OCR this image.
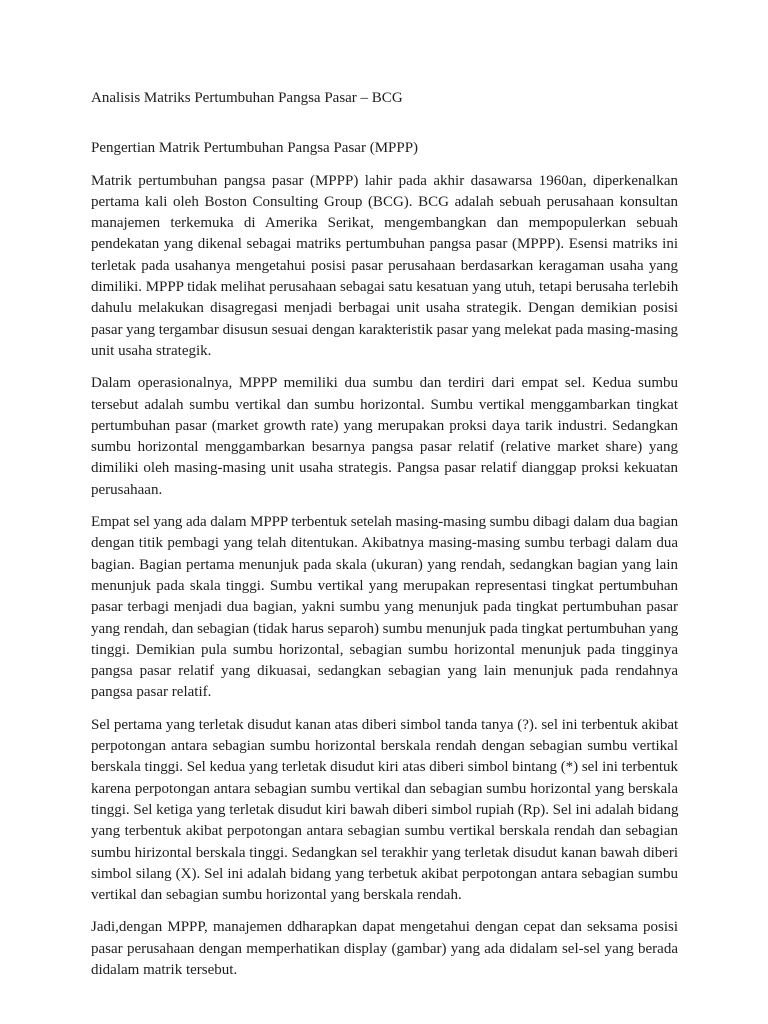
Analisis Matriks Pertumbuhan Pangsa Pasar – BCG

Pengertian Matrik Pertumbuhan Pangsa Pasar (MPPP)

Matrik pertumbuhan pangsa pasar (MPPP) lahir pada akhir dasawarsa 1960an, diperkenalkan
pertama kali oleh Boston Consulting Group (BCG). BCG adalah sebuah perusahaan konsultan
manajemen terkemuka di Amerika Serikat, mengembangkan dan mempopulerkan sebuah
pendekatan yang dikenal sebagai matriks pertumbuhan pangsa pasar (MPPP). Esensi matriks ini
terletak pada usahanya mengetahui posisi pasar perusahaan berdasarkan keragaman usaha yang
dimiliki. MPPP tidak melihat perusahaan sebagai satu kesatuan yang utuh, tetapi berusaha terlebih
dahulu melakukan disagregasi menjadi berbagai unit usaha strategik. Dengan demikian posisi
pasar yang tergambar disusun sesuai dengan karakteristik pasar yang melekat pada masing-masing
unit usaha strategik.
Dalam operasionalnya, MPPP memiliki dua sumbu dan terdiri dari empat sel. Kedua sumbu
tersebut adalah sumbu vertikal dan sumbu horizontal. Sumbu vertikal menggambarkan tingkat
pertumbuhan pasar (market growth rate) yang merupakan proksi daya tarik industri. Sedangkan
sumbu horizontal menggambarkan besarnya pangsa pasar relatif (relative market share) yang
dimiliki oleh masing-masing unit usaha strategis. Pangsa pasar relatif dianggap proksi kekuatan
perusahaan.
Empat sel yang ada dalam MPPP terbentuk setelah masing-masing sumbu dibagi dalam dua bagian
dengan titik pembagi yang telah ditentukan. Akibatnya masing-masing sumbu terbagi dalam dua
bagian. Bagian pertama menunjuk pada skala (ukuran) yang rendah, sedangkan bagian yang lain
menunjuk pada skala tinggi. Sumbu vertikal yang merupakan representasi tingkat pertumbuhan
pasar terbagi menjadi dua bagian, yakni sumbu yang menunjuk pada tingkat pertumbuhan pasar
yang rendah, dan sebagian (tidak harus separoh) sumbu menunjuk pada tingkat pertumbuhan yang
tinggi. Demikian pula sumbu horizontal, sebagian sumbu horizontal menunjuk pada tingginya
pangsa pasar relatif yang dikuasai, sedangkan sebagian yang lain menunjuk pada rendahnya
pangsa pasar relatif.
Sel pertama yang terletak disudut kanan atas diberi simbol tanda tanya (?). sel ini terbentuk akibat
perpotongan antara sebagian sumbu horizontal berskala rendah dengan sebagian sumbu vertikal
berskala tinggi. Sel kedua yang terletak disudut kiri atas diberi simbol bintang (*) sel ini terbentuk
karena perpotongan antara sebagian sumbu vertikal dan sebagian sumbu horizontal yang berskala
tinggi. Sel ketiga yang terletak disudut kiri bawah diberi simbol rupiah (Rp). Sel ini adalah bidang
yang terbentuk akibat perpotongan antara sebagian sumbu vertikal berskala rendah dan sebagian
sumbu hirizontal berskala tinggi. Sedangkan sel terakhir yang terletak disudut kanan bawah diberi
simbol silang (X). Sel ini adalah bidang yang terbetuk akibat perpotongan antara sebagian sumbu
vertikal dan sebagian sumbu horizontal yang berskala rendah.
Jadi,dengan MPPP, manajemen ddharapkan dapat mengetahui dengan cepat dan seksama posisi
pasar perusahaan dengan memperhatikan display (gambar) yang ada didalam sel-sel yang berada
didalam matrik tersebut.
